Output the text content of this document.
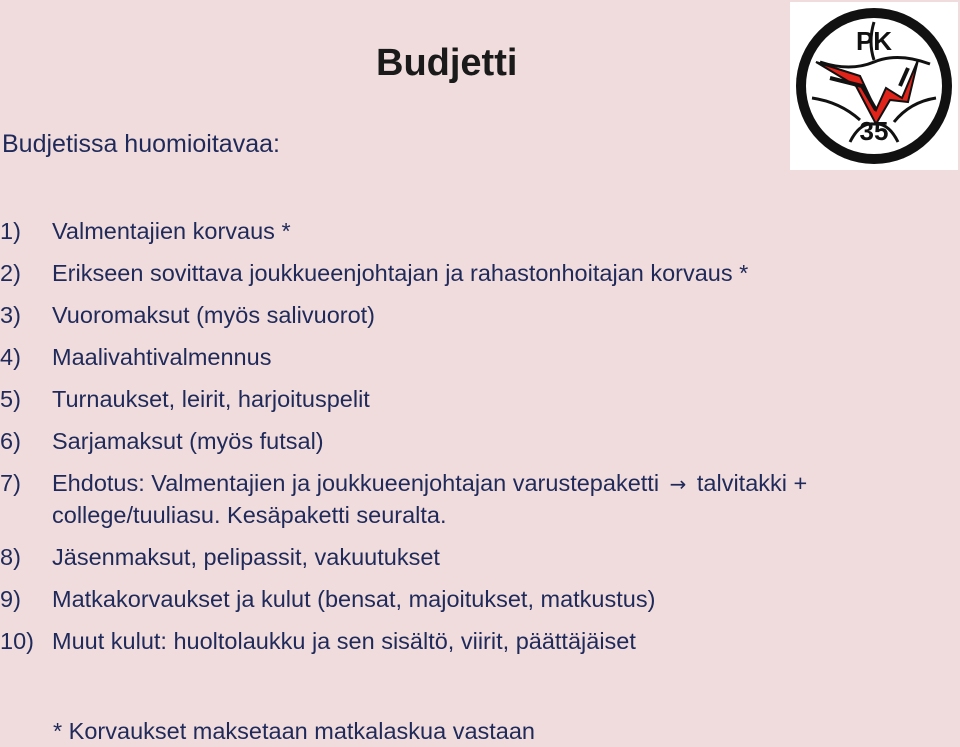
Budjetti
PK
35
Budjetissa huomioitavaa:
1)	Valmentajien korvaus *
2)	Erikseen sovittava joukkueenjohtajan ja rahastonhoitajan korvaus *
3)	Vuoromaksut (myös salivuorot)
4)	Maalivahtivalmennus
5)	Turnaukset, leirit, harjoituspelit
6)	Sarjamaksut (myös futsal)
7)	Ehdotus: Valmentajien ja joukkueenjohtajan varustepaketti → talvitakki + college/tuuliasu. Kesäpaketti seuralta.
8)	Jäsenmaksut, pelipassit, vakuutukset
9)	Matkakorvaukset ja kulut (bensat, majoitukset, matkustus)
10) Muut kulut: huoltolaukku ja sen sisältö, viirit, päättäjäiset
* Korvaukset maksetaan matkalaskua vastaan
